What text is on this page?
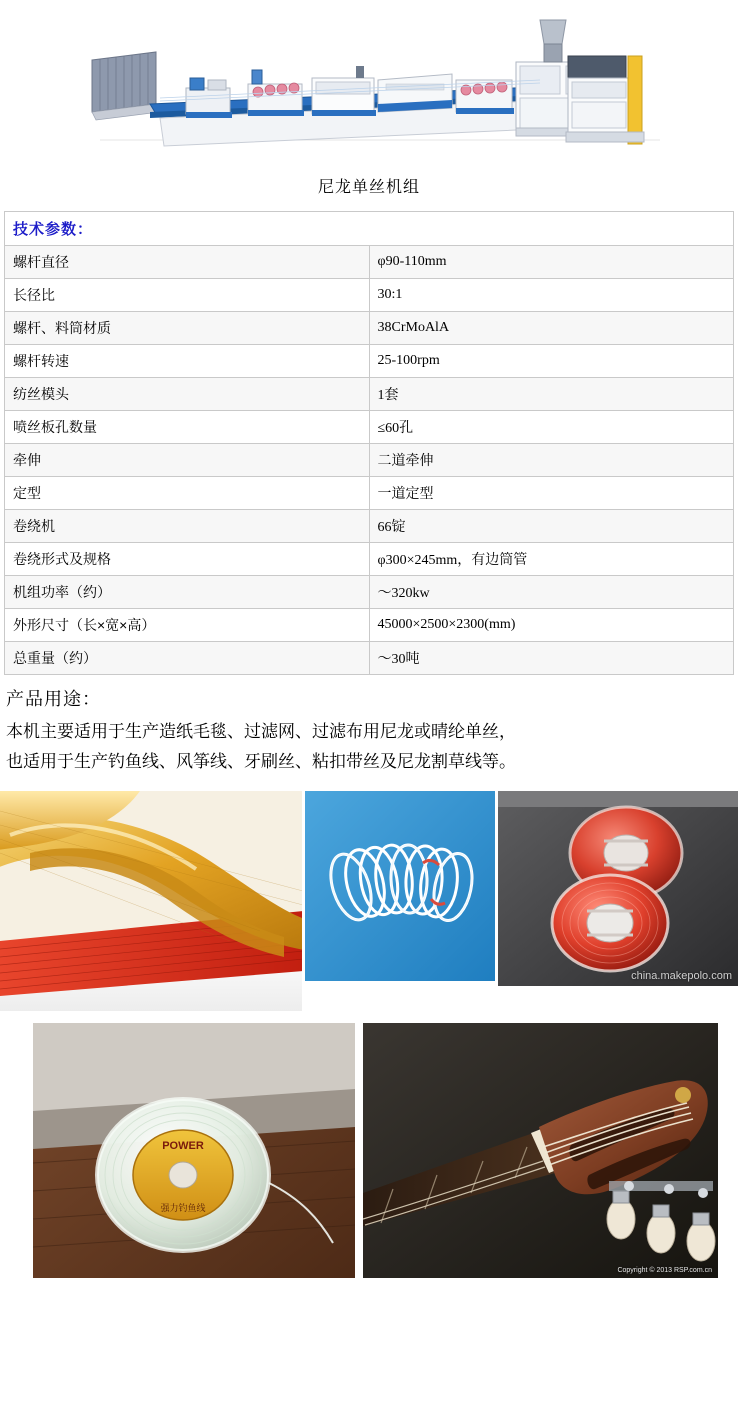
尼龙单丝机组
技术参数：	
螺杆直径	φ90-110mm
长径比	30:1
螺杆、料筒材质	38CrMoAlA
螺杆转速	25-100rpm
纺丝模头	1套
喷丝板孔数量	≤60孔
牵伸	二道牵伸
定型	一道定型
卷绕机	66锭
卷绕形式及规格	φ300×245mm，有边筒管
机组功率（约）	～320kw
外形尺寸（长×宽×高）	45000×2500×2300(mm)
总重量（约）	～30吨
产品用途：
本机主要适用于生产造纸毛毯、过滤网、过滤布用尼龙或晴纶单丝，
也适用于生产钓鱼线、风筝线、牙刷丝、粘扣带丝及尼龙割草线等。
china.makepolo.com
POWER
强力钓鱼线
Copyright © 2013 RSP.com.cn
